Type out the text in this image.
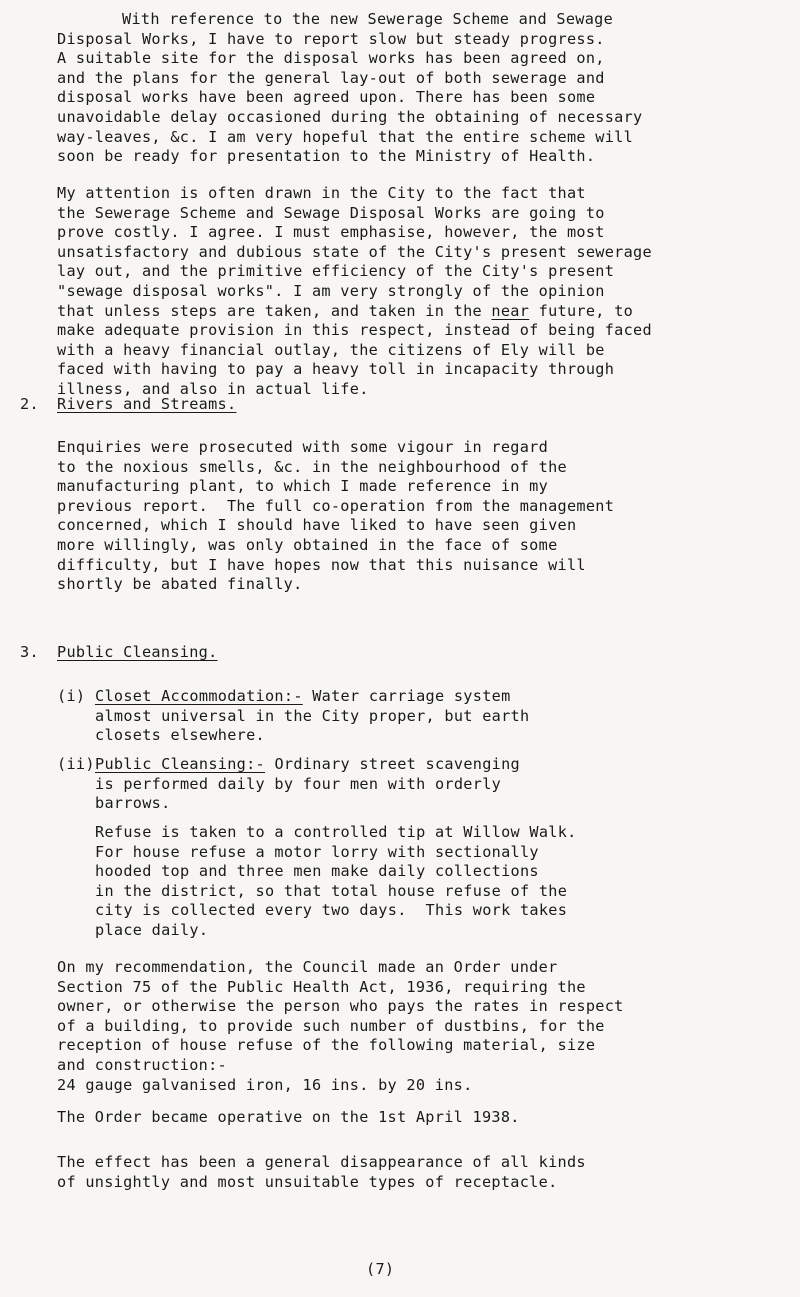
With reference to the new Sewerage Scheme and Sewage
Disposal Works, I have to report slow but steady progress.
A suitable site for the disposal works has been agreed on,
and the plans for the general lay-out of both sewerage and
disposal works have been agreed upon. There has been some
unavoidable delay occasioned during the obtaining of necessary
way-leaves, &c. I am very hopeful that the entire scheme will
soon be ready for presentation to the Ministry of Health.
My attention is often drawn in the City to the fact that
the Sewerage Scheme and Sewage Disposal Works are going to
prove costly. I agree. I must emphasise, however, the most
unsatisfactory and dubious state of the City's present sewerage
lay out, and the primitive efficiency of the City's present
"sewage disposal works". I am very strongly of the opinion
that unless steps are taken, and taken in the near future, to
make adequate provision in this respect, instead of being faced
with a heavy financial outlay, the citizens of Ely will be
faced with having to pay a heavy toll in incapacity through
illness, and also in actual life.
2. Rivers and Streams.
Enquiries were prosecuted with some vigour in regard
to the noxious smells, &c. in the neighbourhood of the
manufacturing plant, to which I made reference in my
previous report.  The full co-operation from the management
concerned, which I should have liked to have seen given
more willingly, was only obtained in the face of some
difficulty, but I have hopes now that this nuisance will
shortly be abated finally.
3. Public Cleansing.
(i) Closet Accommodation:- Water carriage system
almost universal in the City proper, but earth
closets elsewhere.
(ii) Public Cleansing:- Ordinary street scavenging
is performed daily by four men with orderly
barrows.
Refuse is taken to a controlled tip at Willow Walk.
For house refuse a motor lorry with sectionally
hooded top and three men make daily collections
in the district, so that total house refuse of the
city is collected every two days.  This work takes
place daily.
On my recommendation, the Council made an Order under
Section 75 of the Public Health Act, 1936, requiring the
owner, or otherwise the person who pays the rates in respect
of a building, to provide such number of dustbins, for the
reception of house refuse of the following material, size
and construction:-
24 gauge galvanised iron, 16 ins. by 20 ins.
The Order became operative on the 1st April 1938.
The effect has been a general disappearance of all kinds
of unsightly and most unsuitable types of receptacle.
(7)
